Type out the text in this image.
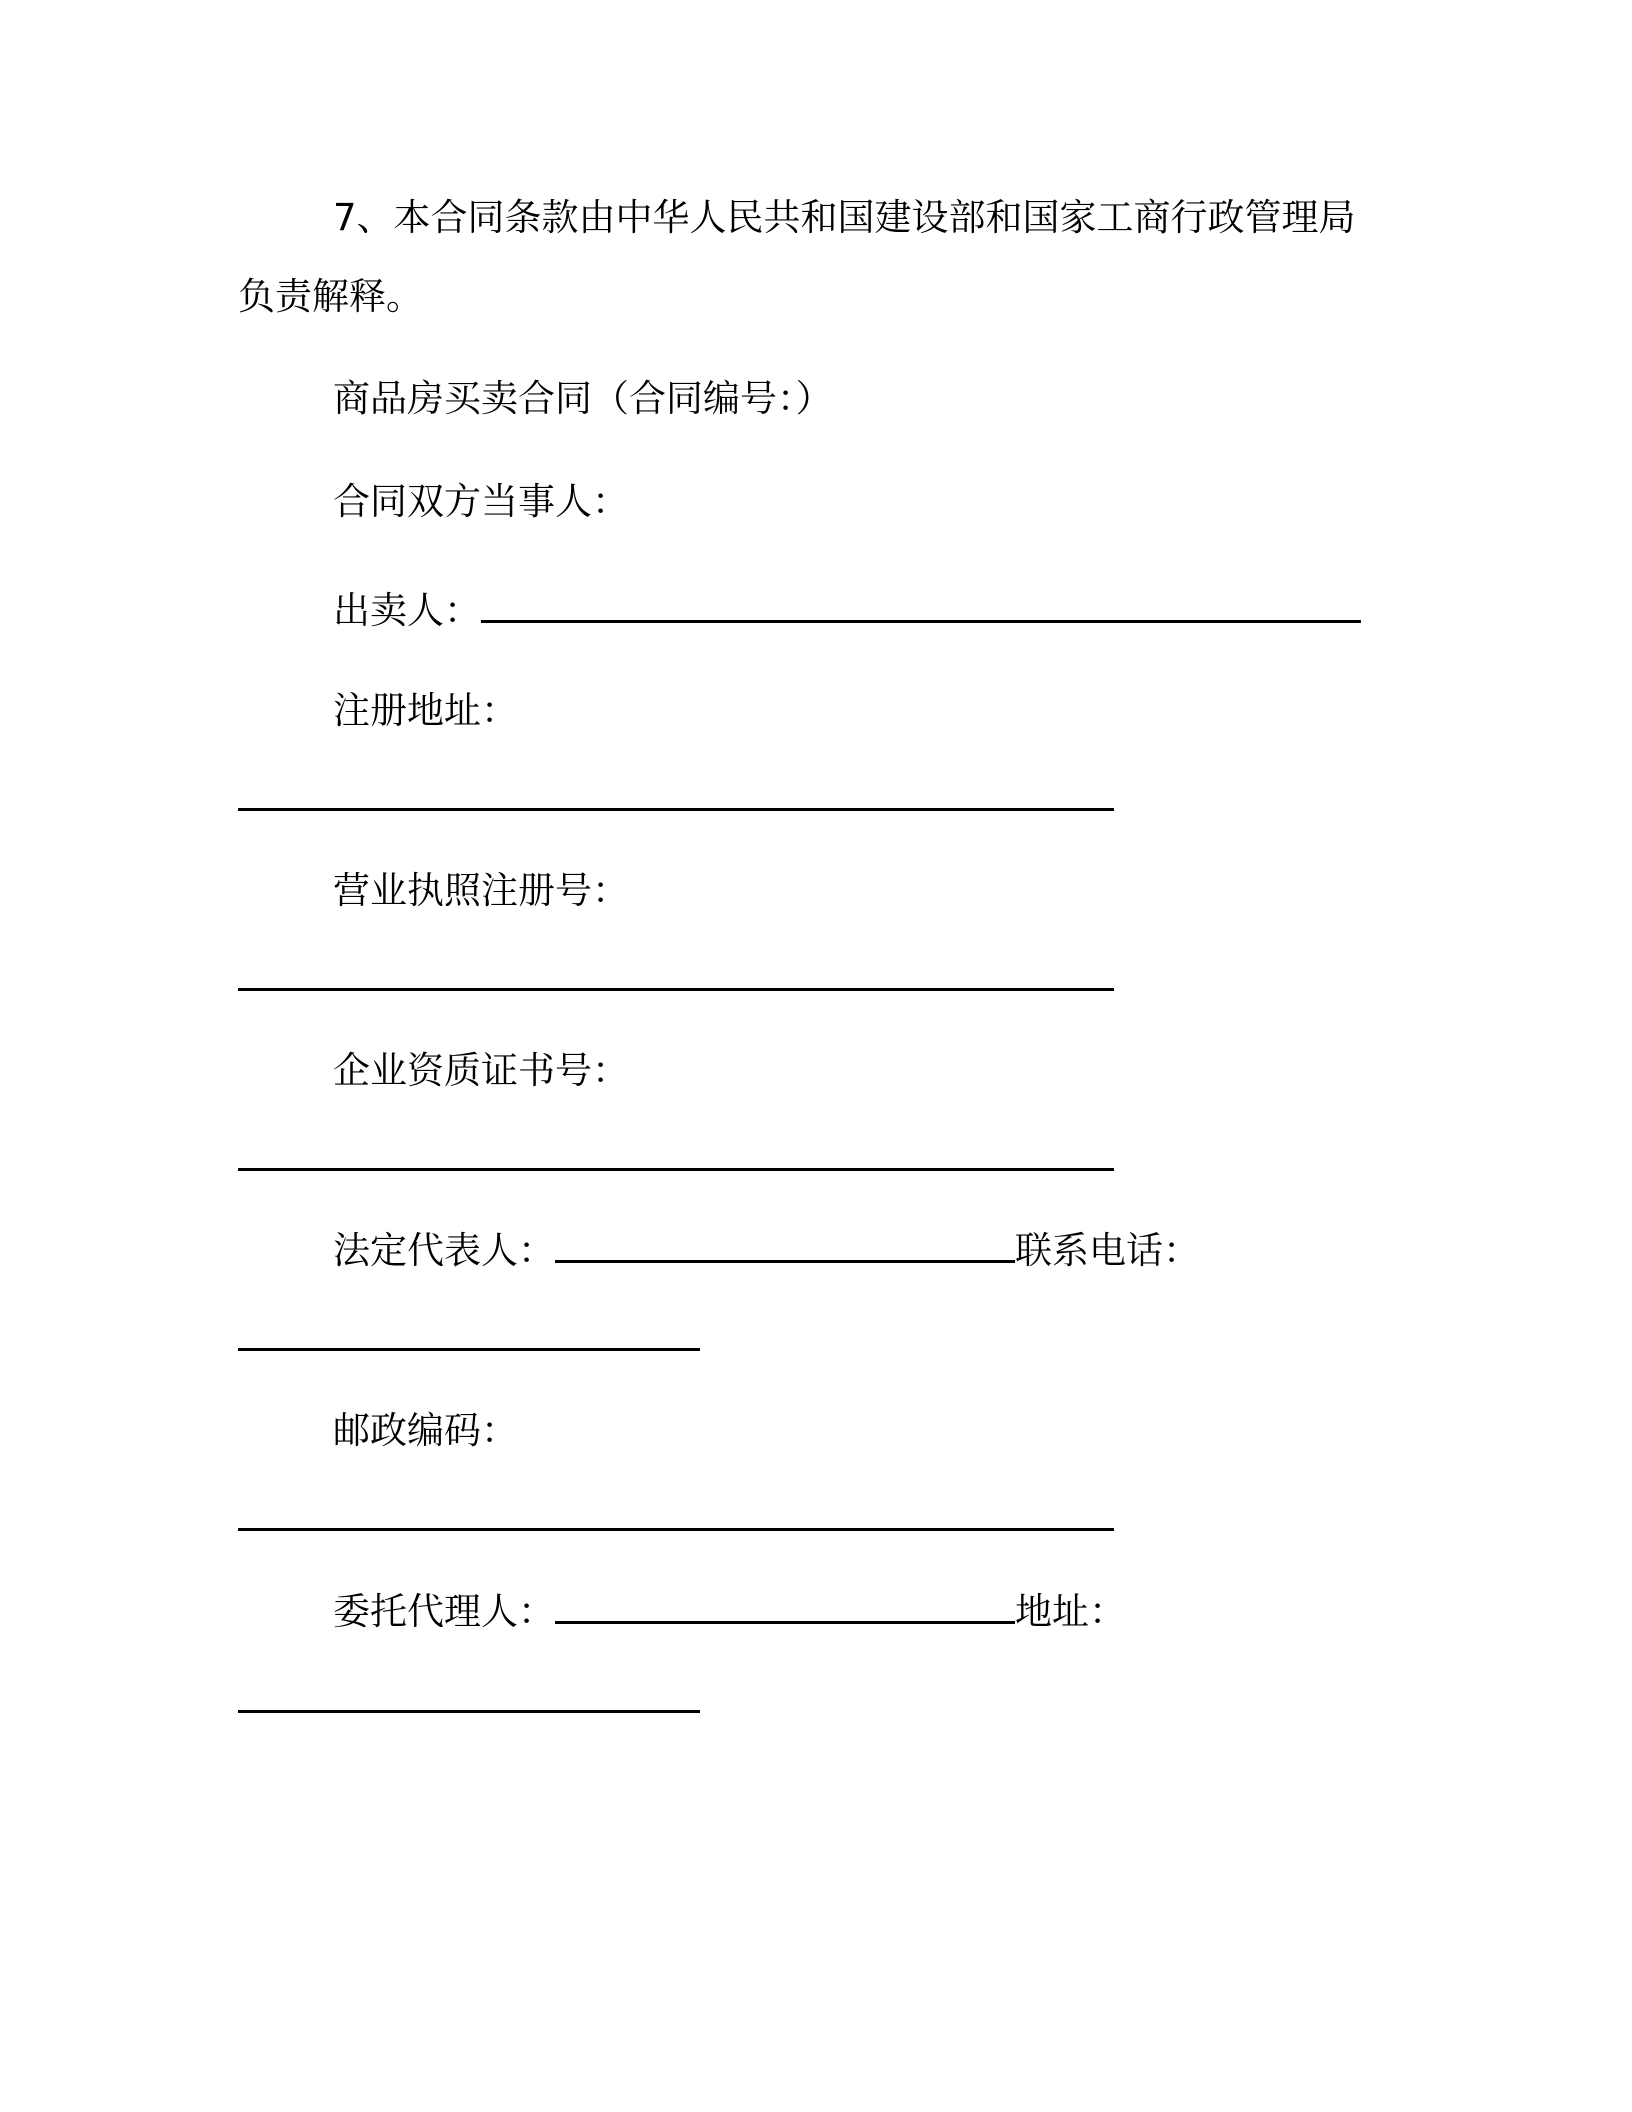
7、本合同条款由中华人民共和国建设部和国家工商行政管理局
负责解释。
商品房买卖合同（合同编号：）
合同双方当事人：
出卖人：
注册地址：
营业执照注册号：
企业资质证书号：
法定代表人：	联系电话：
邮政编码：
委托代理人：	地址：
